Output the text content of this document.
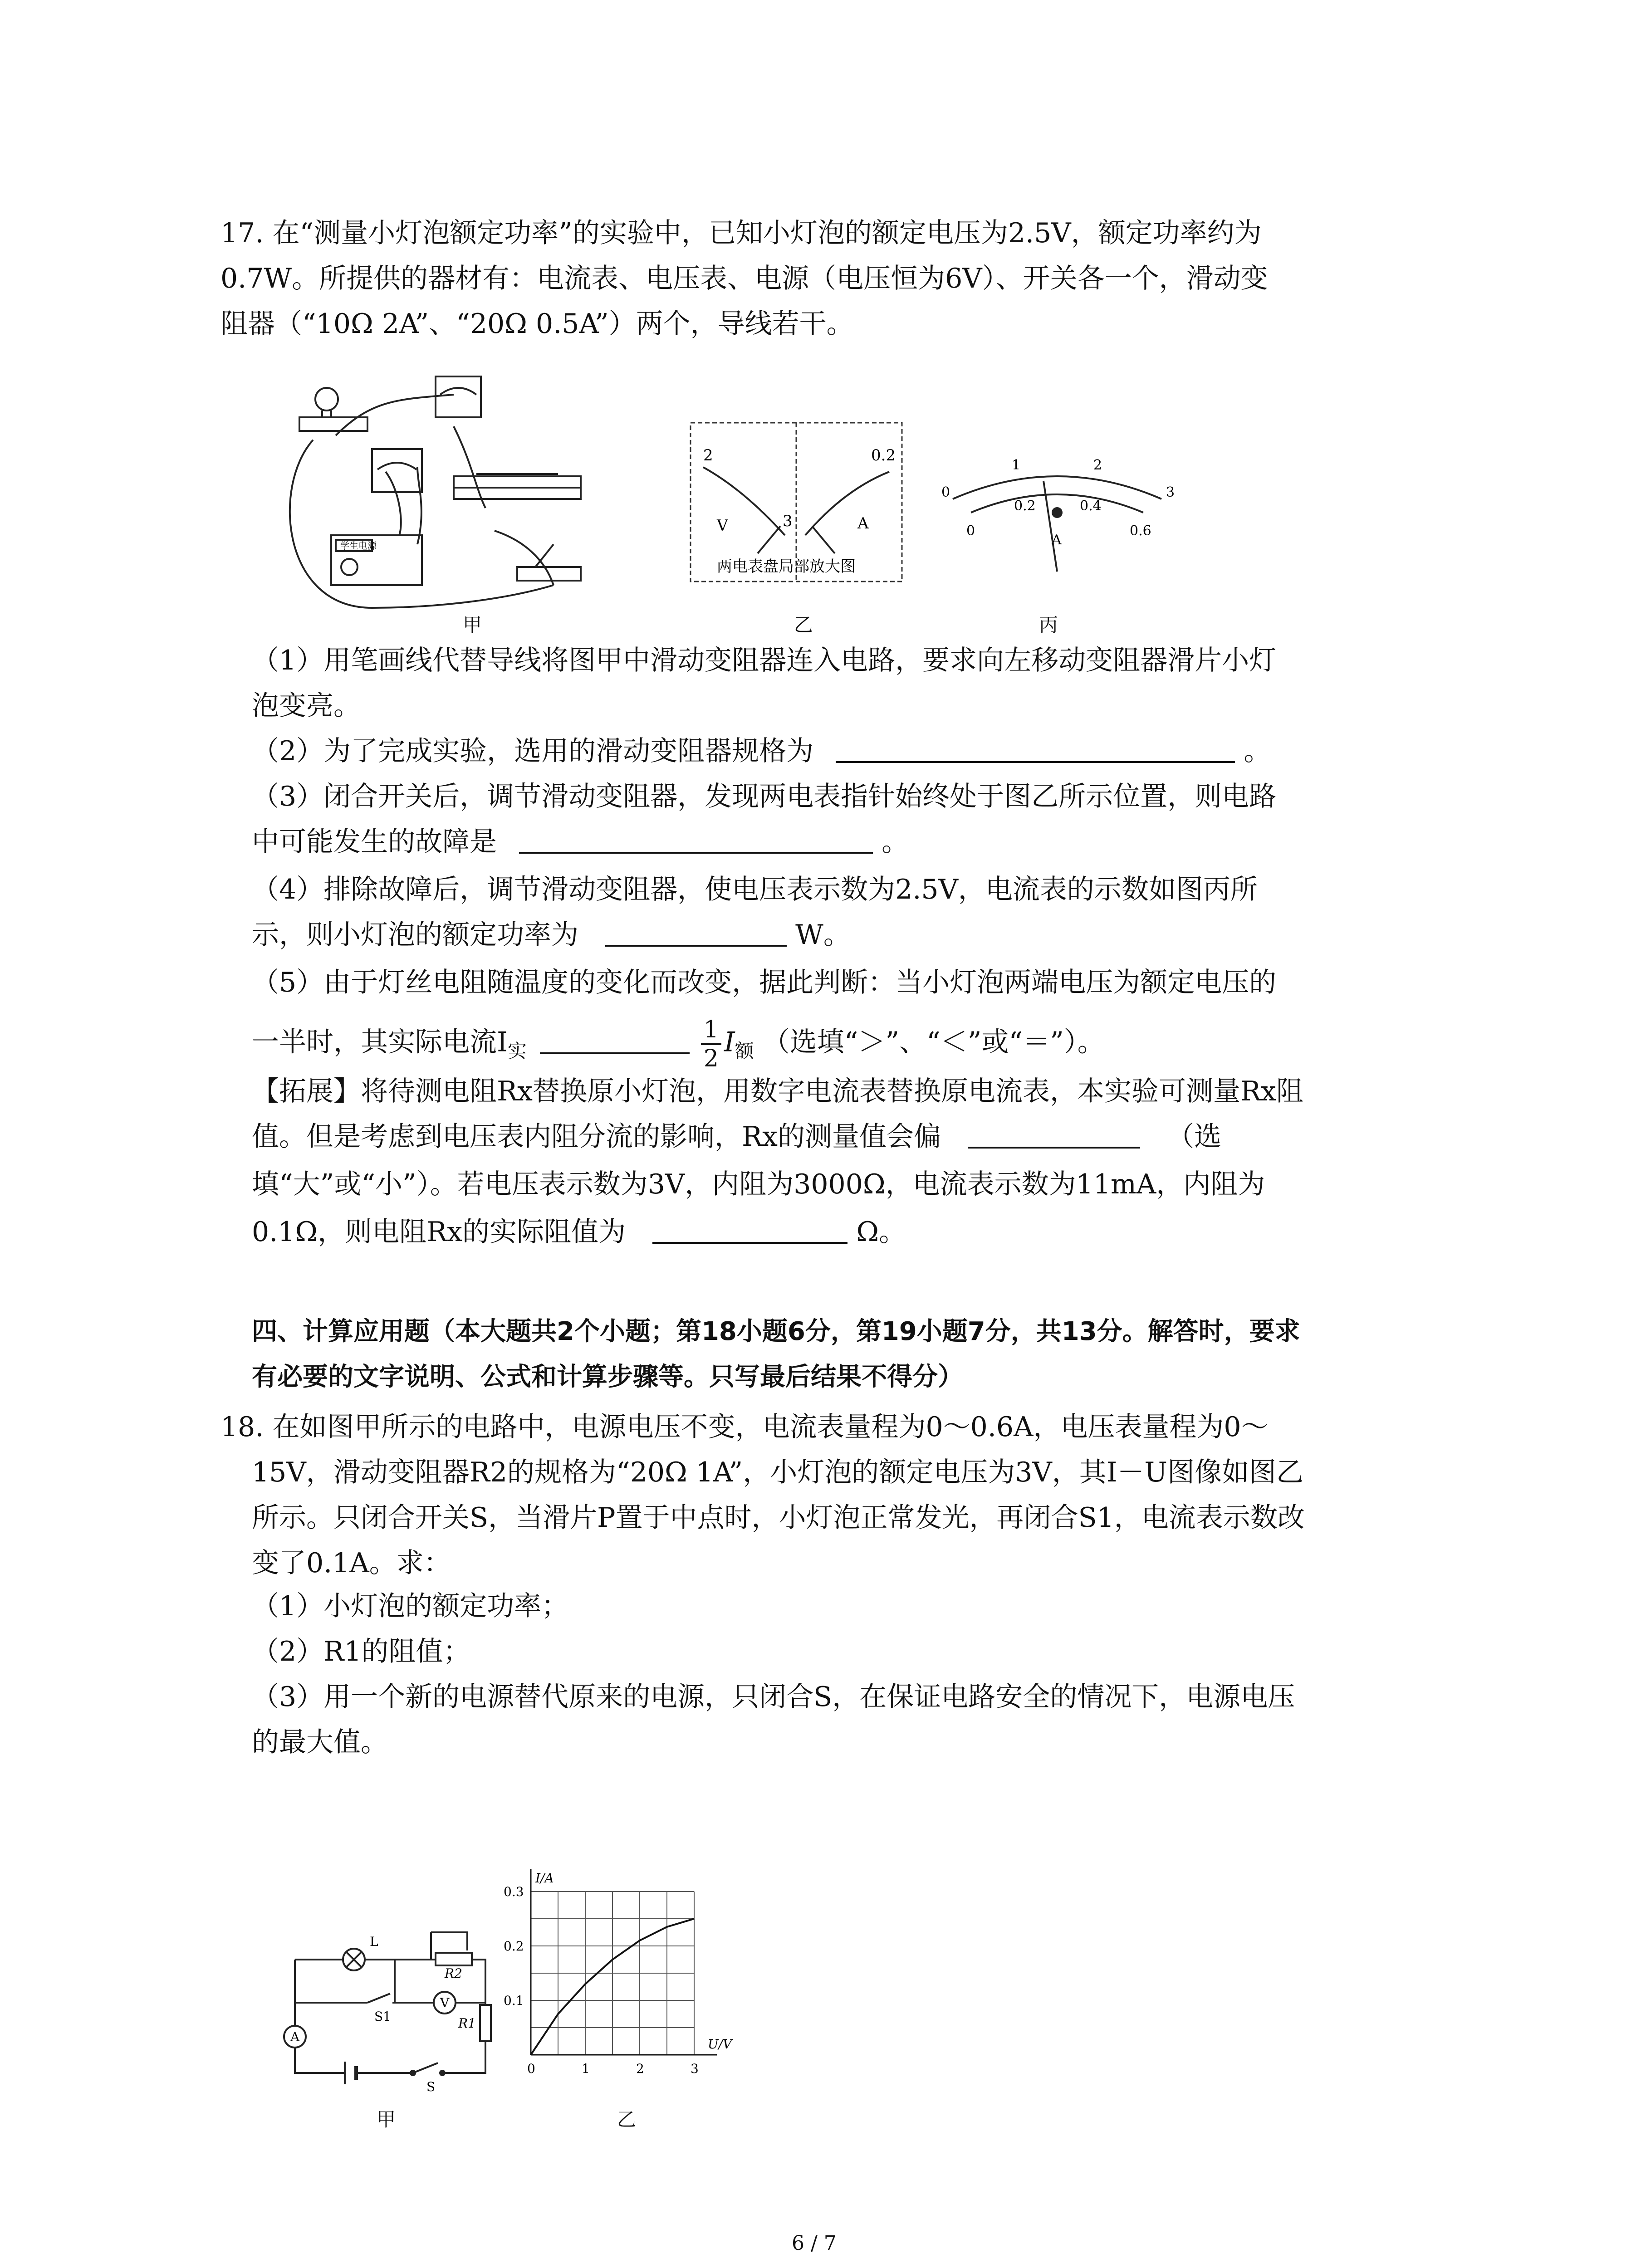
17. 在“测量小灯泡额定功率”的实验中，已知小灯泡的额定电压为2.5V，额定功率约为
0.7W。所提供的器材有：电流表、电压表、电源（电压恒为6V）、开关各一个，滑动变
阻器（“10Ω 2A”、“20Ω 0.5A”）两个，导线若干。
学生电源
甲
2
3
V
0.2
A
两电表盘局部放大图
乙
0
1	2
3
0
0.2	0.4
0.6
A
丙
（1）用笔画线代替导线将图甲中滑动变阻器连入电路，要求向左移动变阻器滑片小灯
泡变亮。
（2）为了完成实验，选用的滑动变阻器规格为	。
（3）闭合开关后，调节滑动变阻器，发现两电表指针始终处于图乙所示位置，则电路
中可能发生的故障是	。
（4）排除故障后，调节滑动变阻器，使电压表示数为2.5V，电流表的示数如图丙所
示，则小灯泡的额定功率为	W。
（5）由于灯丝电阻随温度的变化而改变，据此判断：当小灯泡两端电压为额定电压的
一半时，其实际电流$I_实$	$\frac{1}{2} I_额$ （选填“＞”、“＜”或“＝”）。
【拓展】将待测电阻Rx替换原小灯泡，用数字电流表替换原电流表，本实验可测量Rx阻
值。但是考虑到电压表内阻分流的影响，Rx的测量值会偏	（选
填“大”或“小”）。若电压表示数为3V，内阻为3000Ω，电流表示数为11mA，内阻为
0.1Ω，则电阻Rx的实际阻值为	Ω。
四、计算应用题（本大题共2个小题；第18小题6分，第19小题7分，共13分。解答时，要求
有必要的文字说明、公式和计算步骤等。只写最后结果不得分）
18. 在如图甲所示的电路中，电源电压不变，电流表量程为0～0.6A，电压表量程为0～
15V，滑动变阻器R2的规格为“20Ω 1A”，小灯泡的额定电压为3V，其I－U图像如图乙
所示。只闭合开关S，当滑片P置于中点时，小灯泡正常发光，再闭合S1，电流表示数改
变了0.1A。求：
（1）小灯泡的额定功率；
（2）R1的阻值；
（3）用一个新的电源替代原来的电源，只闭合S，在保证电路安全的情况下，电源电压
的最大值。
L
R2
S1
V
R1
A
S
甲
0	1	2	3
0.1
0.2
0.3
U/V
I/A
乙
6 / 7
